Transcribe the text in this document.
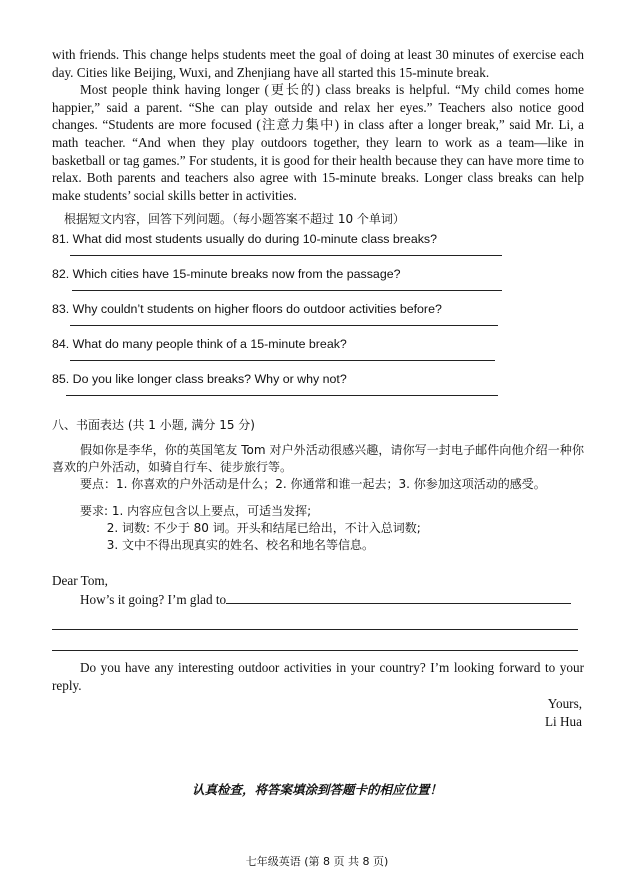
with friends. This change helps students meet the goal of doing at least 30 minutes of exercise each day. Cities like Beijing, Wuxi, and Zhenjiang have all started this 15-minute break.

Most people think having longer (更长的) class breaks is helpful. “My child comes home happier,” said a parent. “She can play outside and relax her eyes.” Teachers also notice good changes. “Students are more focused (注意力集中) in class after a longer break,” said Mr. Li, a math teacher. “And when they play outdoors together, they learn to work as a team—like in basketball or tag games.” For students, it is good for their health because they can have more time to relax. Both parents and teachers also agree with 15-minute breaks. Longer class breaks can help make students’ social skills better in activities.

根据短文内容，回答下列问题。（每小题答案不超过 10 个单词）

81. What did most students usually do during 10-minute class breaks?
82. Which cities have 15-minute breaks now from the passage?
83. Why couldn’t students on higher floors do outdoor activities before?
84. What do many people think of a 15-minute break?
85. Do you like longer class breaks? Why or why not?

八、书面表达 (共 1 小题, 满分 15 分)

假如你是李华，你的英国笔友 Tom 对户外活动很感兴趣，请你写一封电子邮件向他介绍一种你喜欢的户外活动，如骑自行车、徒步旅行等。

要点：1. 你喜欢的户外活动是什么；2. 你通常和谁一起去；3. 你参加这项活动的感受。

要求: 1. 内容应包含以上要点，可适当发挥;
2. 词数: 不少于 80 词。开头和结尾已给出，不计入总词数;
3. 文中不得出现真实的姓名、校名和地名等信息。
Dear Tom,
How’s it going? I’m glad to

Do you have any interesting outdoor activities in your country? I’m looking forward to your reply.

Yours,
Li Hua
认真检查，将答案填涂到答题卡的相应位置！
七年级英语 (第 8 页 共 8 页)
